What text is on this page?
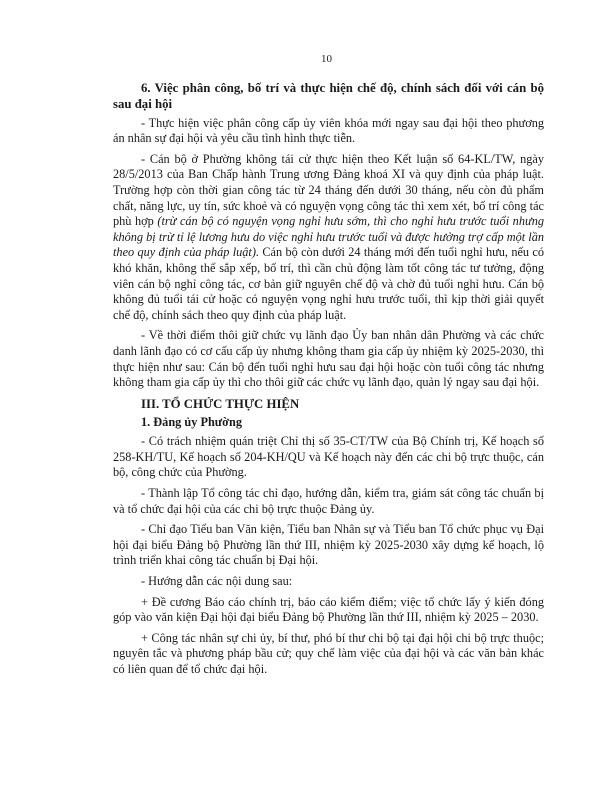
10
6. Việc phân công, bố trí và thực hiện chế độ, chính sách đối với cán bộ sau đại hội

- Thực hiện việc phân công cấp ủy viên khóa mới ngay sau đại hội theo phương án nhân sự đại hội và yêu cầu tình hình thực tiễn.

- Cán bộ ở Phường không tái cử thực hiện theo Kết luận số 64-KL/TW, ngày 28/5/2013 của Ban Chấp hành Trung ương Đảng khoá XI và quy định của pháp luật. Trường hợp còn thời gian công tác từ 24 tháng đến dưới 30 tháng, nếu còn đủ phẩm chất, năng lực, uy tín, sức khoẻ và có nguyện vọng công tác thì xem xét, bố trí công tác phù hợp (trừ cán bộ có nguyện vọng nghỉ hưu sớm, thì cho nghỉ hưu trước tuổi nhưng không bị trừ tỉ lệ lương hưu do việc nghỉ hưu trước tuổi và được hưởng trợ cấp một lần theo quy định của pháp luật). Cán bộ còn dưới 24 tháng mới đến tuổi nghỉ hưu, nếu có khó khăn, không thể sắp xếp, bố trí, thì cần chủ động làm tốt công tác tư tưởng, động viên cán bộ nghỉ công tác, cơ bản giữ nguyên chế độ và chờ đủ tuổi nghỉ hưu. Cán bộ không đủ tuổi tái cử hoặc có nguyện vọng nghỉ hưu trước tuổi, thì kịp thời giải quyết chế độ, chính sách theo quy định của pháp luật.

- Về thời điểm thôi giữ chức vụ lãnh đạo Ủy ban nhân dân Phường và các chức danh lãnh đạo có cơ cấu cấp ủy nhưng không tham gia cấp ủy nhiệm kỳ 2025-2030, thì thực hiện như sau: Cán bộ đến tuổi nghỉ hưu sau đại hội hoặc còn tuổi công tác nhưng không tham gia cấp ủy thì cho thôi giữ các chức vụ lãnh đạo, quản lý ngay sau đại hội.

III. TỔ CHỨC THỰC HIỆN
1. Đảng ủy Phường

- Có trách nhiệm quán triệt Chỉ thị số 35-CT/TW của Bộ Chính trị, Kế hoạch số 258-KH/TU, Kế hoạch số 204-KH/QU và Kế hoạch này đến các chi bộ trực thuộc, cán bộ, công chức của Phường.

- Thành lập Tổ công tác chỉ đạo, hướng dẫn, kiểm tra, giám sát công tác chuẩn bị và tổ chức đại hội của các chi bộ trực thuộc Đảng ủy.

- Chỉ đạo Tiểu ban Văn kiện, Tiểu ban Nhân sự và Tiểu ban Tổ chức phục vụ Đại hội đại biểu Đảng bộ Phường lần thứ III, nhiệm kỳ 2025-2030 xây dựng kế hoạch, lộ trình triển khai công tác chuẩn bị Đại hội.

- Hướng dẫn các nội dung sau:

+ Đề cương Báo cáo chính trị, báo cáo kiểm điểm; việc tổ chức lấy ý kiến đóng góp vào văn kiện Đại hội đại biểu Đảng bộ Phường lần thứ III, nhiệm kỳ 2025 – 2030.

+ Công tác nhân sự chi ủy, bí thư, phó bí thư chi bộ tại đại hội chi bộ trực thuộc; nguyên tắc và phương pháp bầu cử; quy chế làm việc của đại hội và các văn bản khác có liên quan để tổ chức đại hội.
